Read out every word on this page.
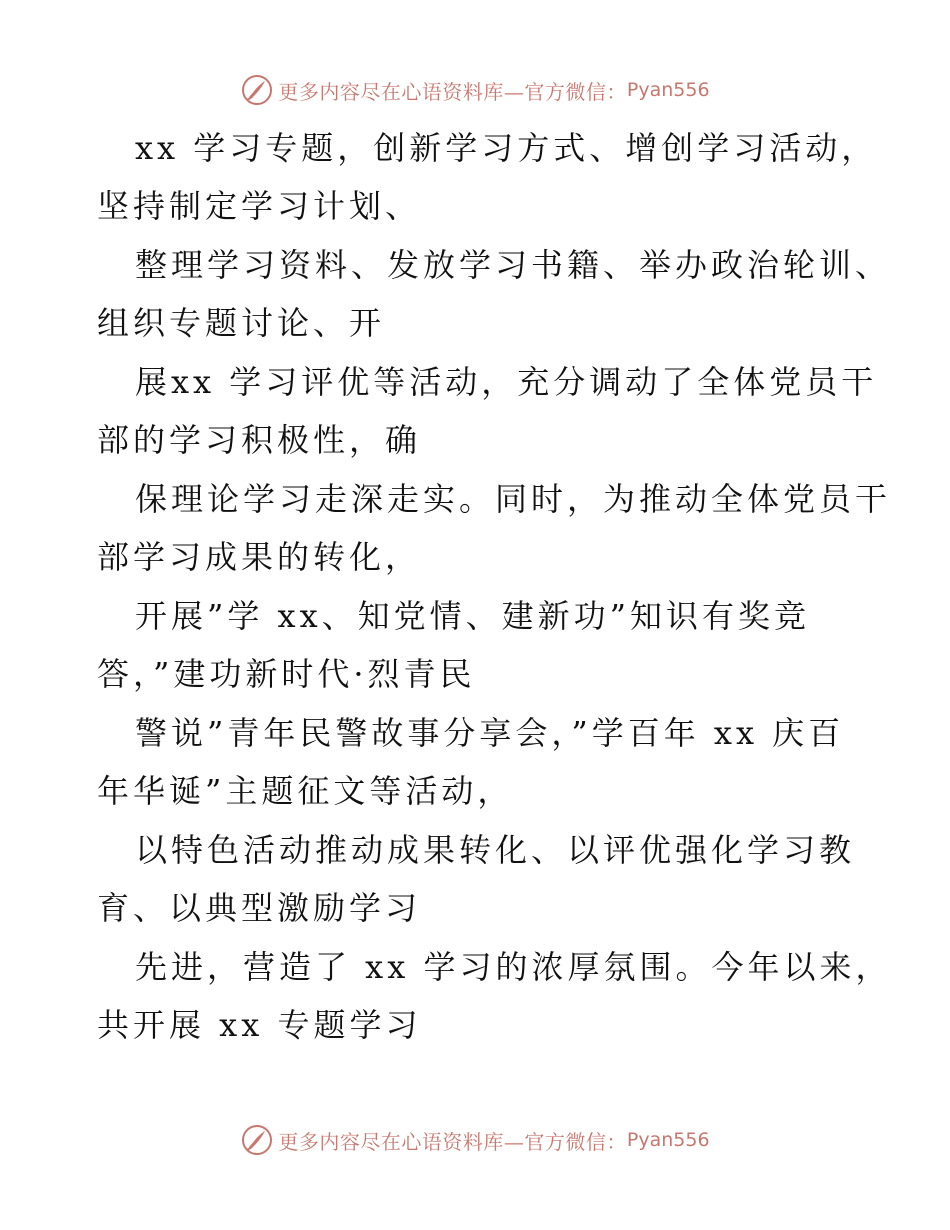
更多内容尽在心语资料库—官方微信： Pyan556
xx 学习专题，创新学习方式、增创学习活动，
坚持制定学习计划、
整理学习资料、发放学习书籍、举办政治轮训、
组织专题讨论、开
展xx 学习评优等活动，充分调动了全体党员干
部的学习积极性，确
保理论学习走深走实。同时，为推动全体党员干
部学习成果的转化，
开展”学 xx、知党情、建新功”知识有奖竞
答，”建功新时代·烈青民
警说”青年民警故事分享会，”学百年 xx 庆百
年华诞”主题征文等活动，
以特色活动推动成果转化、以评优强化学习教
育、以典型激励学习
先进，营造了 xx 学习的浓厚氛围。今年以来，
共开展 xx 专题学习
更多内容尽在心语资料库—官方微信： Pyan556
